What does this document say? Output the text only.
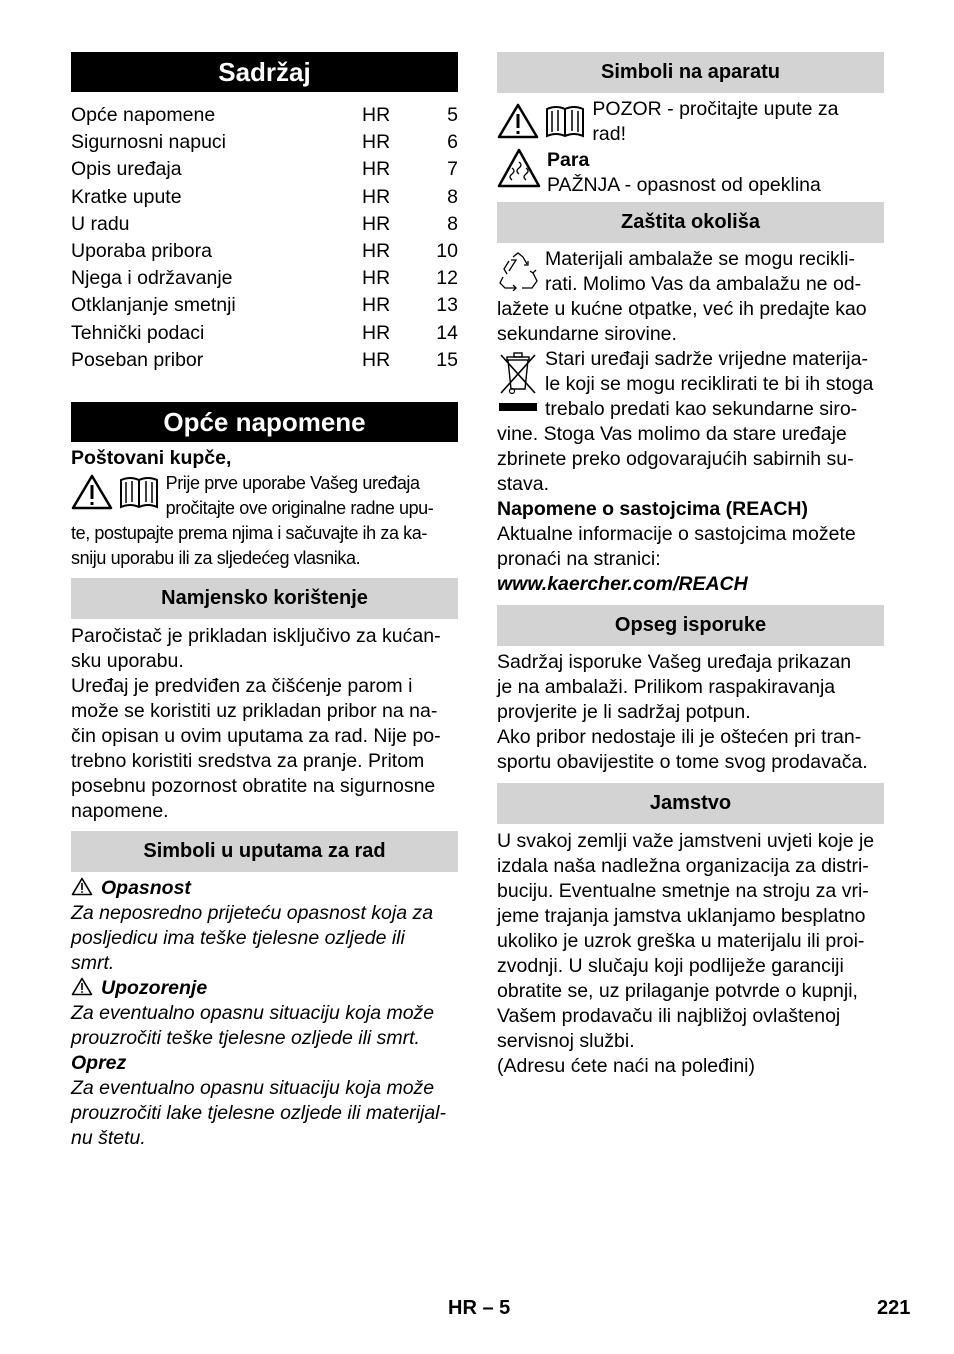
Sadržaj
Opće napomene	HR	5
Sigurnosni napuci	HR	6
Opis uređaja	HR	7
Kratke upute	HR	8
U radu	HR	8
Uporaba pribora	HR	10
Njega i održavanje	HR	12
Otklanjanje smetnji	HR	13
Tehnički podaci	HR	14
Poseban pribor	HR	15
Opće napomene

Poštovani kupče,

Prije prve uporabe Vašeg uređaja

pročitajte ove originalne radne upu-

te, postupajte prema njima i sačuvajte ih za ka-

sniju uporabu ili za sljedećeg vlasnika.

Namjensko korištenje

Paročistač je prikladan isključivo za kućan-

sku uporabu.

Uređaj je predviđen za čišćenje parom i

može se koristiti uz prikladan pribor na na-

čin opisan u ovim uputama za rad. Nije po-

trebno koristiti sredstva za pranje. Pritom

posebnu pozornost obratite na sigurnosne

napomene.

Simboli u uputama za rad

Opasnost

Za neposredno prijeteću opasnost koja za

posljedicu ima teške tjelesne ozljede ili

smrt.

Upozorenje

Za eventualno opasnu situaciju koja može

prouzročiti teške tjelesne ozljede ili smrt.

Oprez

Za eventualno opasnu situaciju koja može

prouzročiti lake tjelesne ozljede ili materijal-

nu štetu.

Simboli na aparatu

POZOR - pročitajte upute za

rad!

Para

PAŽNJA - opasnost od opeklina

Zaštita okoliša

Materijali ambalaže se mogu recikli-

rati. Molimo Vas da ambalažu ne od-

lažete u kućne otpatke, već ih predajte kao

sekundarne sirovine.

Stari uređaji sadrže vrijedne materija-

le koji se mogu reciklirati te bi ih stoga

trebalo predati kao sekundarne siro-

vine. Stoga Vas molimo da stare uređaje

zbrinete preko odgovarajućih sabirnih su-

stava.

Napomene o sastojcima (REACH)

Aktualne informacije o sastojcima možete

pronaći na stranici:

www.kaercher.com/REACH

Opseg isporuke

Sadržaj isporuke Vašeg uređaja prikazan

je na ambalaži. Prilikom raspakiravanja

provjerite je li sadržaj potpun.

Ako pribor nedostaje ili je oštećen pri tran-

sportu obavijestite o tome svog prodavača.

Jamstvo

U svakoj zemlji važe jamstveni uvjeti koje je

izdala naša nadležna organizacija za distri-

buciju. Eventualne smetnje na stroju za vri-

jeme trajanja jamstva uklanjamo besplatno

ukoliko je uzrok greška u materijalu ili proi-

zvodnji. U slučaju koji podliježe garanciji

obratite se, uz prilaganje potvrde o kupnji,

Vašem prodavaču ili najbližoj ovlaštenoj

servisnoj službi.

(Adresu ćete naći na poleđini)

HR – 5	221
